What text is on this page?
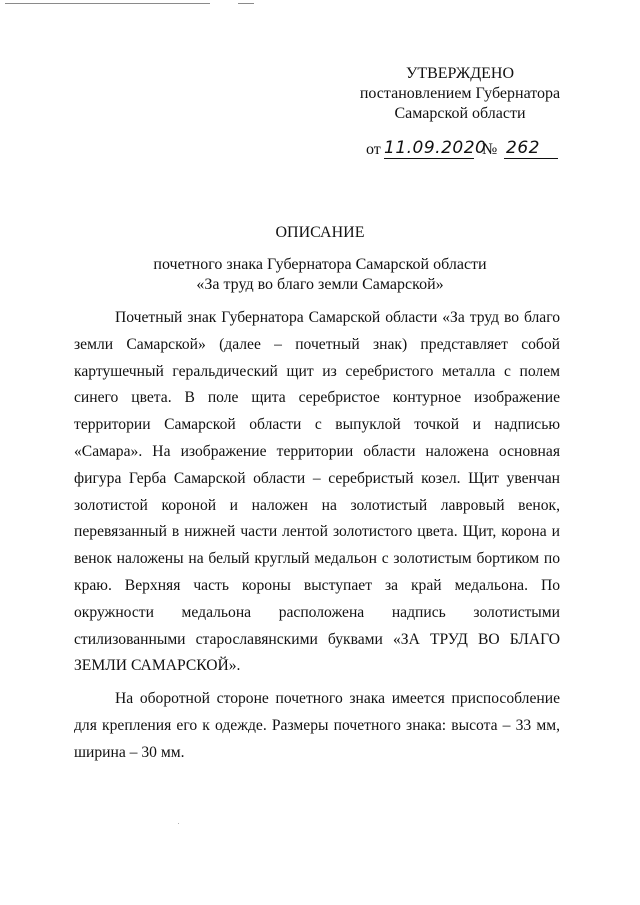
УТВЕРЖДЕНО
постановлением Губернатора
Самарской области
от 11.09.2020
№ 262
ОПИСАНИЕ
почетного знака Губернатора Самарской области
«За труд во благо земли Самарской»

Почетный знак Губернатора Самарской области «За труд во благо земли Самарской» (далее – почетный знак) представляет собой картушечный геральдический щит из серебристого металла с полем синего цвета. В поле щита серебристое контурное изображение территории Самарской области с выпуклой точкой и надписью «Самара». На изображение территории области наложена основная фигура Герба Самарской области – серебристый козел. Щит увенчан золотистой короной и наложен на золотистый лавровый венок, перевязанный в нижней части лентой золотистого цвета. Щит, корона и венок наложены на белый круглый медальон с золотистым бортиком по краю. Верхняя часть короны выступает за край медальона. По окружности медальона расположена надпись золотистыми стилизованными старославянскими буквами «ЗА ТРУД ВО БЛАГО ЗЕМЛИ САМАРСКОЙ».

На оборотной стороне почетного знака имеется приспособление для крепления его к одежде. Размеры почетного знака: высота – 33 мм, ширина – 30 мм.
